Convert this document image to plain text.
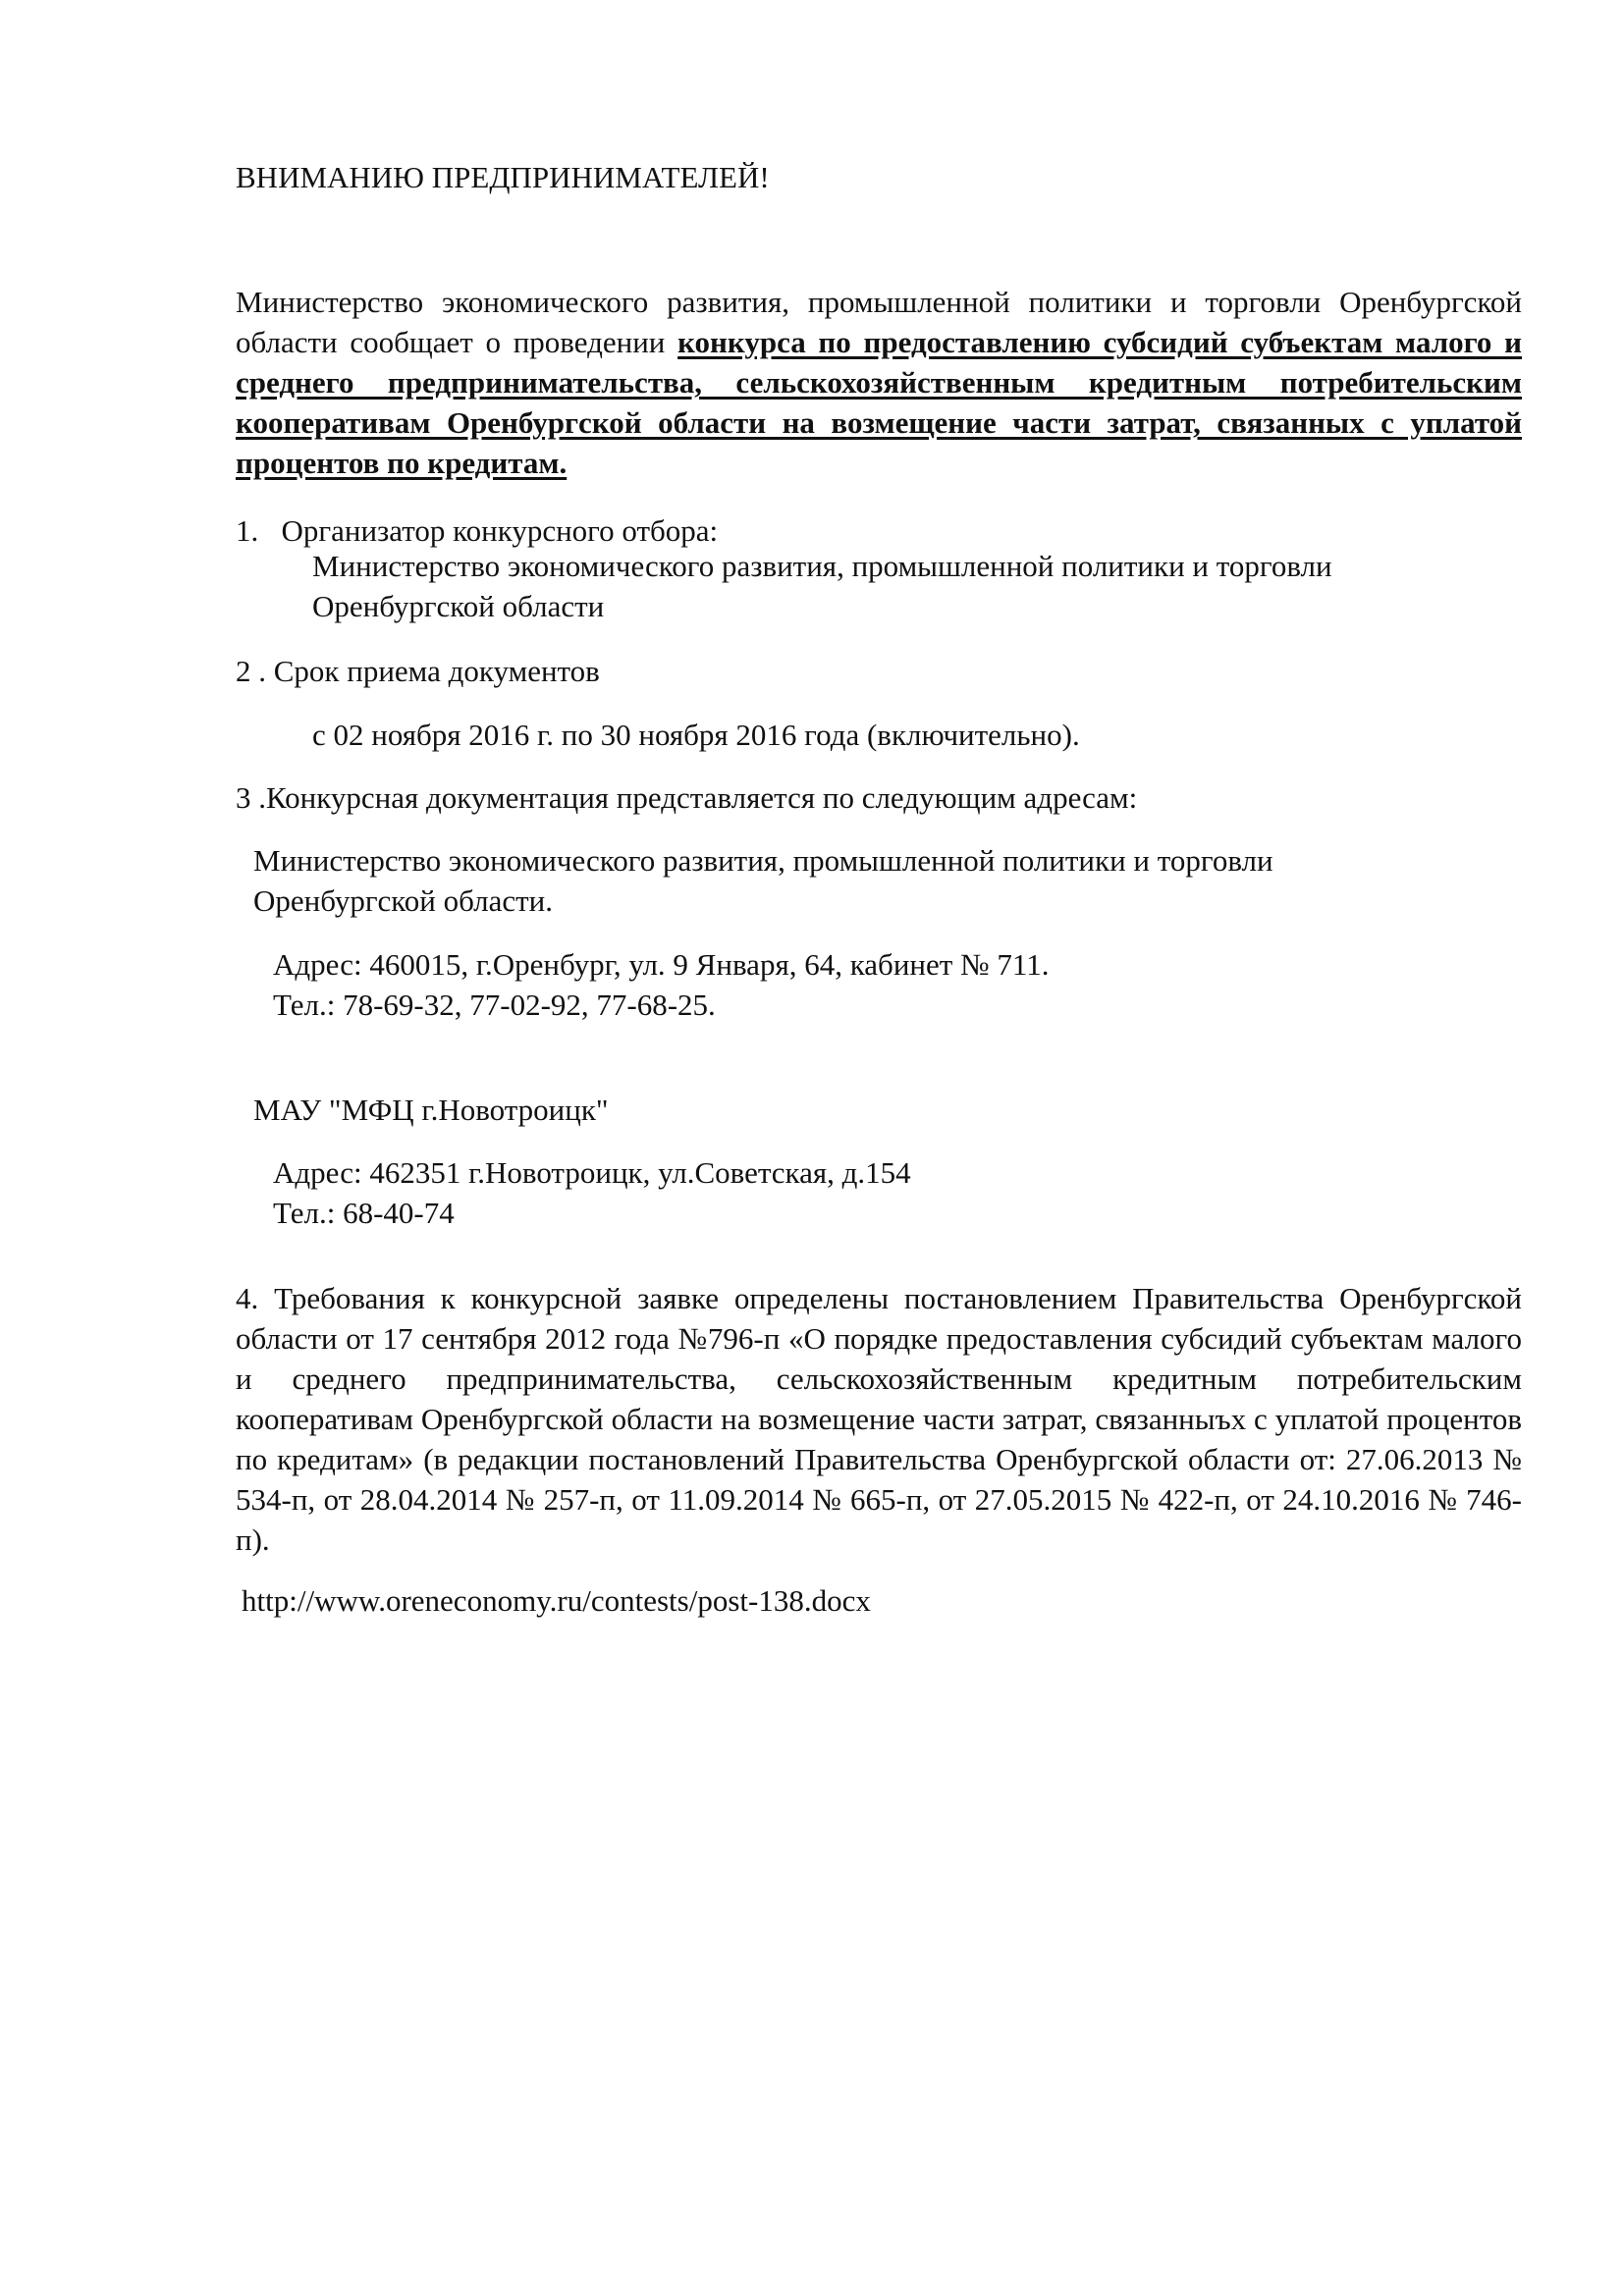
ВНИМАНИЮ ПРЕДПРИНИМАТЕЛЕЙ!
Министерство экономического развития, промышленной политики и торговли Оренбургской области сообщает о проведении конкурса по предоставлению субсидий субъектам малого и среднего предпринимательства, сельскохозяйственным кредитным потребительским кооперативам Оренбургской области на возмещение части затрат, связанных с уплатой процентов по кредитам.
1.   Организатор конкурсного отбора:
Министерство экономического развития, промышленной политики и торговли
Оренбургской области
2 . Срок приема документов
с 02 ноября 2016 г. по 30 ноября 2016 года (включительно).
3 .Конкурсная документация представляется по следующим адресам:
Министерство экономического развития, промышленной политики и торговли
Оренбургской области.
Адрес: 460015, г.Оренбург, ул. 9 Января, 64, кабинет № 711.
Тел.: 78-69-32, 77-02-92, 77-68-25.
МАУ "МФЦ г.Новотроицк"
Адрес: 462351 г.Новотроицк, ул.Советская, д.154
Тел.: 68-40-74
4. Требования к конкурсной заявке определены постановлением Правительства Оренбургской области от 17 сентября 2012 года №796-п «О порядке предоставления субсидий субъектам малого и среднего предпринимательства, сельскохозяйственным кредитным потребительским кооперативам Оренбургской области на возмещение части затрат, связанныъх с уплатой процентов по кредитам» (в редакции постановлений Правительства Оренбургской области от: 27.06.2013 № 534-п, от 28.04.2014 № 257-п, от 11.09.2014 № 665-п, от 27.05.2015 № 422-п, от 24.10.2016 № 746-п).
http://www.oreneconomy.ru/contests/post-138.docx
